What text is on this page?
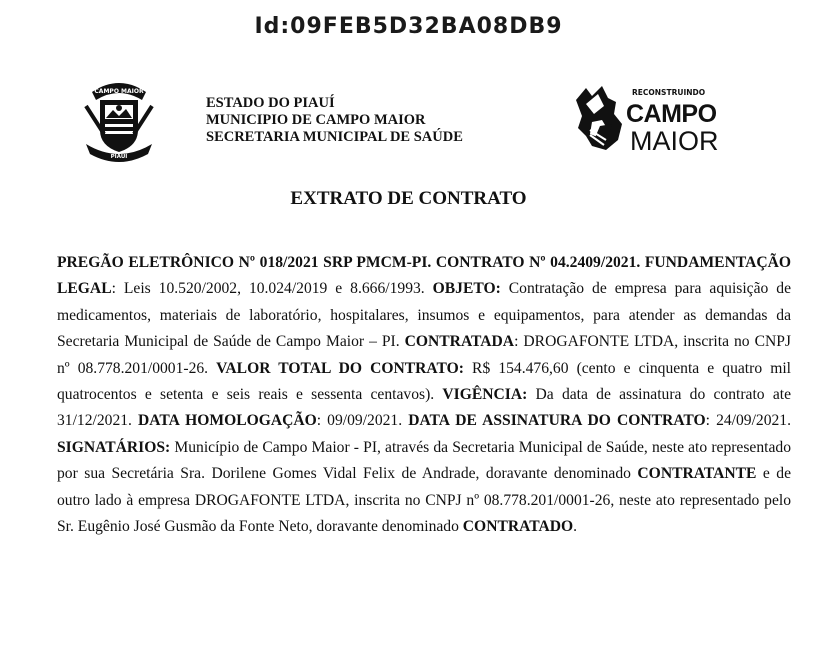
Id:09FEB5D32BA08DB9
CAMPO MAIOR
PIAUÍ
ESTADO DO PIAUÍ
MUNICIPIO DE CAMPO MAIOR
SECRETARIA MUNICIPAL DE SAÚDE
RECONSTRUINDO
CAMPO
MAIOR
EXTRATO DE CONTRATO
PREGÃO ELETRÔNICO Nº 018/2021 SRP PMCM-PI. CONTRATO Nº 04.2409/2021. FUNDAMENTAÇÃO LEGAL: Leis 10.520/2002, 10.024/2019 e 8.666/1993. OBJETO: Contratação de empresa para aquisição de medicamentos, materiais de laboratório, hospitalares, insumos e equipamentos, para atender as demandas da Secretaria Municipal de Saúde de Campo Maior – PI. CONTRATADA: DROGAFONTE LTDA, inscrita no CNPJ nº 08.778.201/0001-26. VALOR TOTAL DO CONTRATO: R$ 154.476,60 (cento e cinquenta e quatro mil quatrocentos e setenta e seis reais e sessenta centavos). VIGÊNCIA: Da data de assinatura do contrato ate 31/12/2021. DATA HOMOLOGAÇÃO: 09/09/2021. DATA DE ASSINATURA DO CONTRATO: 24/09/2021. SIGNATÁRIOS: Município de Campo Maior - PI, através da Secretaria Municipal de Saúde, neste ato representado por sua Secretária Sra. Dorilene Gomes Vidal Felix de Andrade, doravante denominado CONTRATANTE e de outro lado à empresa DROGAFONTE LTDA, inscrita no CNPJ nº 08.778.201/0001-26, neste ato representado pelo Sr. Eugênio José Gusmão da Fonte Neto, doravante denominado CONTRATADO.
